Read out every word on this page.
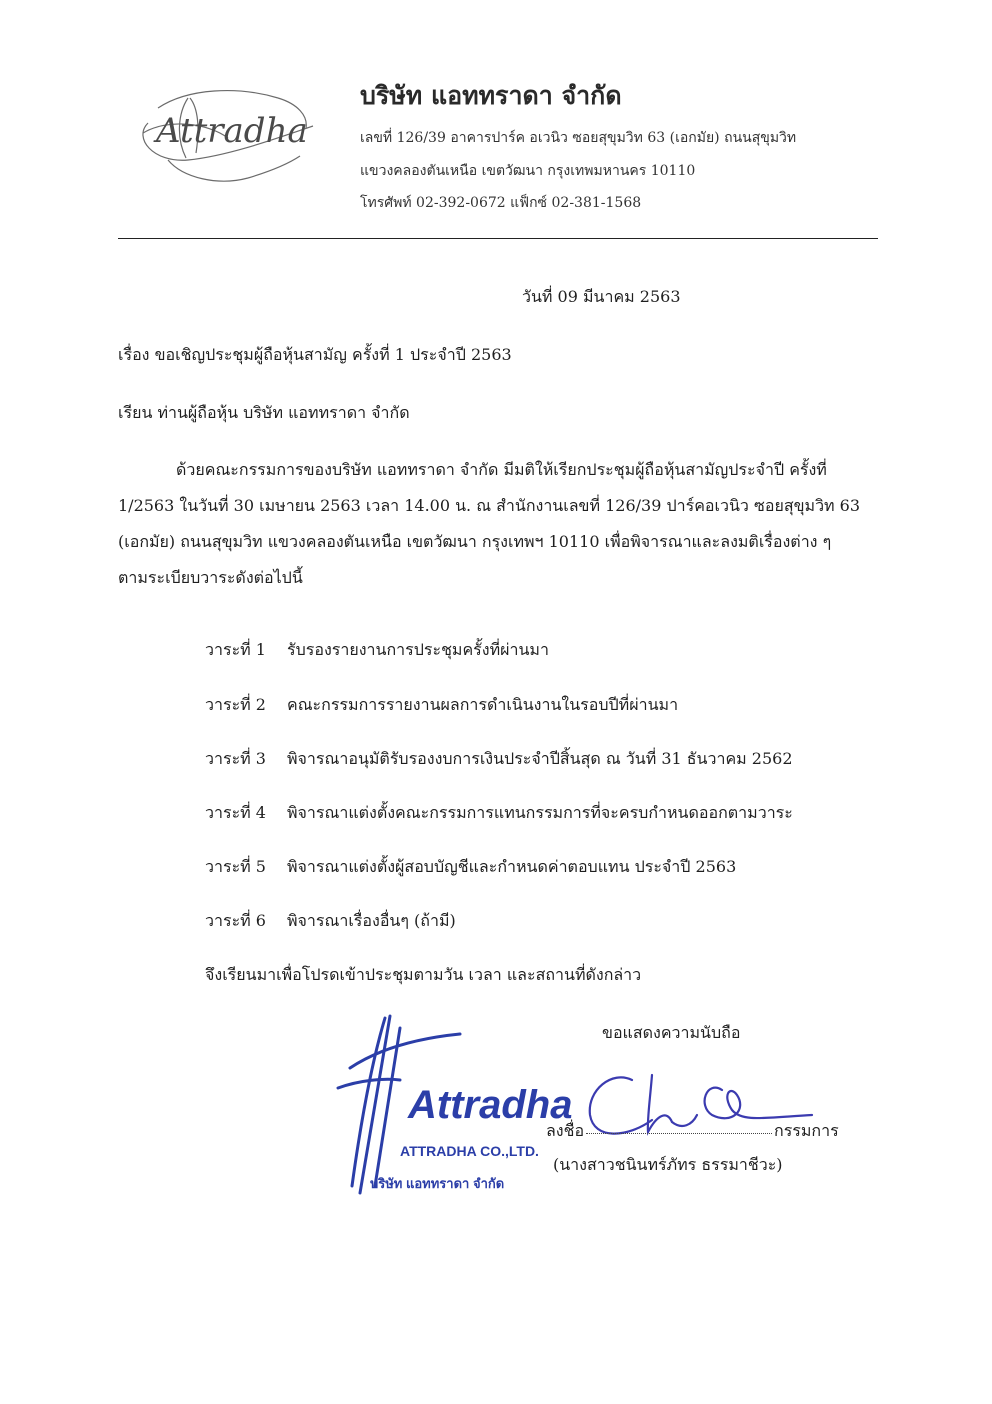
Attradha
บริษัท แอททราดา จำกัด
เลขที่ 126/39 อาคารปาร์ค อเวนิว ซอยสุขุมวิท 63 (เอกมัย) ถนนสุขุมวิท
แขวงคลองตันเหนือ เขตวัฒนา กรุงเทพมหานคร 10110
โทรศัพท์ 02-392-0672 แฟ็กซ์ 02-381-1568
วันที่ 09 มีนาคม 2563
เรื่อง ขอเชิญประชุมผู้ถือหุ้นสามัญ ครั้งที่ 1 ประจำปี 2563
เรียน ท่านผู้ถือหุ้น บริษัท แอททราดา จำกัด
ด้วยคณะกรรมการของบริษัท แอททราดา จำกัด มีมติให้เรียกประชุมผู้ถือหุ้นสามัญประจำปี ครั้งที่
1/2563 ในวันที่ 30 เมษายน 2563 เวลา 14.00 น. ณ สำนักงานเลขที่ 126/39 ปาร์คอเวนิว ซอยสุขุมวิท 63
(เอกมัย) ถนนสุขุมวิท แขวงคลองตันเหนือ เขตวัฒนา กรุงเทพฯ 10110 เพื่อพิจารณาและลงมติเรื่องต่าง ๆ
ตามระเบียบวาระดังต่อไปนี้
วาระที่ 1 รับรองรายงานการประชุมครั้งที่ผ่านมา
วาระที่ 2 คณะกรรมการรายงานผลการดำเนินงานในรอบปีที่ผ่านมา
วาระที่ 3 พิจารณาอนุมัติรับรองงบการเงินประจำปีสิ้นสุด ณ วันที่ 31 ธันวาคม 2562
วาระที่ 4 พิจารณาแต่งตั้งคณะกรรมการแทนกรรมการที่จะครบกำหนดออกตามวาระ
วาระที่ 5 พิจารณาแต่งตั้งผู้สอบบัญชีและกำหนดค่าตอบแทน ประจำปี 2563
วาระที่ 6 พิจารณาเรื่องอื่นๆ (ถ้ามี)
จึงเรียนมาเพื่อโปรดเข้าประชุมตามวัน เวลา และสถานที่ดังกล่าว
ขอแสดงความนับถือ
Attradha
ATTRADHA CO.,LTD.
บริษัท แอททราดา จำกัด
ลงชื่อ	กรรมการ
(นางสาวชนินทร์ภัทร ธรรมาชีวะ)
